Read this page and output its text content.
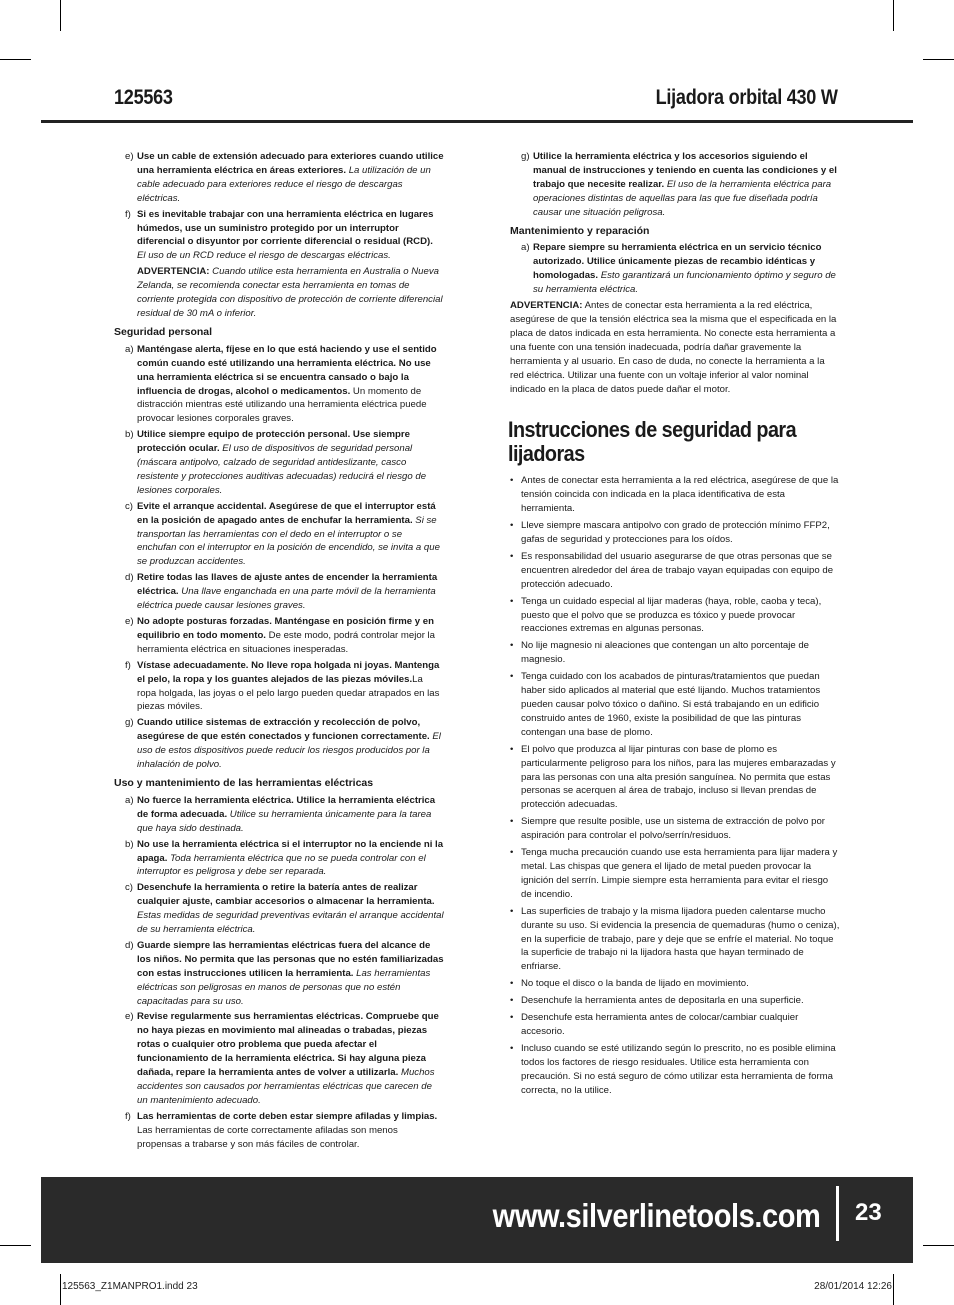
125563	Lijadora orbital 430 W
e) Use un cable de extensión adecuado para exteriores cuando utilice una herramienta eléctrica en áreas exteriores. La utilización de un cable adecuado para exteriores reduce el riesgo de descargas eléctricas.
f) Si es inevitable trabajar con una herramienta eléctrica en lugares húmedos, use un suministro protegido por un interruptor diferencial o disyuntor por corriente diferencial o residual (RCD). El uso de un RCD reduce el riesgo de descargas eléctricas.
ADVERTENCIA: Cuando utilice esta herramienta en Australia o Nueva Zelanda, se recomienda conectar esta herramienta en tomas de corriente protegida con dispositivo de protección de corriente diferencial residual de 30 mA o inferior.
Seguridad personal
a) Manténgase alerta, fíjese en lo que está haciendo y use el sentido común cuando esté utilizando una herramienta eléctrica. No use una herramienta eléctrica si se encuentra cansado o bajo la influencia de drogas, alcohol o medicamentos. Un momento de distracción mientras esté utilizando una herramienta eléctrica puede provocar lesiones corporales graves.
b) Utilice siempre equipo de protección personal. Use siempre protección ocular. El uso de dispositivos de seguridad personal (máscara antipolvo, calzado de seguridad antideslizante, casco resistente y protecciones auditivas adecuadas) reducirá el riesgo de lesiones corporales.
c) Evite el arranque accidental. Asegúrese de que el interruptor está en la posición de apagado antes de enchufar la herramienta. Si se transportan las herramientas con el dedo en el interruptor o se enchufan con el interruptor en la posición de encendido, se invita a que se produzcan accidentes.
d) Retire todas las llaves de ajuste antes de encender la herramienta eléctrica. Una llave enganchada en una parte móvil de la herramienta eléctrica puede causar lesiones graves.
e) No adopte posturas forzadas. Manténgase en posición firme y en equilibrio en todo momento. De este modo, podrá controlar mejor la herramienta eléctrica en situaciones inesperadas.
f) Vístase adecuadamente. No lleve ropa holgada ni joyas. Mantenga el pelo, la ropa y los guantes alejados de las piezas móviles.La ropa holgada, las joyas o el pelo largo pueden quedar atrapados en las piezas móviles.
g) Cuando utilice sistemas de extracción y recolección de polvo, asegúrese de que estén conectados y funcionen correctamente. El uso de estos dispositivos puede reducir los riesgos producidos por la inhalación de polvo.
Uso y mantenimiento de las herramientas eléctricas
a) No fuerce la herramienta eléctrica. Utilice la herramienta eléctrica de forma adecuada. Utilice su herramienta únicamente para la tarea que haya sido destinada.
b) No use la herramienta eléctrica si el interruptor no la enciende ni la apaga. Toda herramienta eléctrica que no se pueda controlar con el interruptor es peligrosa y debe ser reparada.
c) Desenchufe la herramienta o retire la batería antes de realizar cualquier ajuste, cambiar accesorios o almacenar la herramienta. Estas medidas de seguridad preventivas evitarán el arranque accidental de su herramienta eléctrica.
d) Guarde siempre las herramientas eléctricas fuera del alcance de los niños. No permita que las personas que no estén familiarizadas con estas instrucciones utilicen la herramienta. Las herramientas eléctricas son peligrosas en manos de personas que no estén capacitadas para su uso.
e) Revise regularmente sus herramientas eléctricas. Compruebe que no haya piezas en movimiento mal alineadas o trabadas, piezas rotas o cualquier otro problema que pueda afectar el funcionamiento de la herramienta eléctrica. Si hay alguna pieza dañada, repare la herramienta antes de volver a utilizarla. Muchos accidentes son causados por herramientas eléctricas que carecen de un mantenimiento adecuado.
f) Las herramientas de corte deben estar siempre afiladas y limpias. Las herramientas de corte correctamente afiladas son menos propensas a trabarse y son más fáciles de controlar.
g) Utilice la herramienta eléctrica y los accesorios siguiendo el manual de instrucciones y teniendo en cuenta las condiciones y el trabajo que necesite realizar. El uso de la herramienta eléctrica para operaciones distintas de aquellas para las que fue diseñada podría causar une situación peligrosa.
Mantenimiento y reparación
a) Repare siempre su herramienta eléctrica en un servicio técnico autorizado. Utilice únicamente piezas de recambio idénticas y homologadas. Esto garantizará un funcionamiento óptimo y seguro de su herramienta eléctrica.
ADVERTENCIA: Antes de conectar esta herramienta a la red eléctrica, asegúrese de que la tensión eléctrica sea la misma que el especificada en la placa de datos indicada en esta herramienta. No conecte esta herramienta a una fuente con una tensión inadecuada, podría dañar gravemente la herramienta y al usuario. En caso de duda, no conecte la herramienta a la red eléctrica. Utilizar una fuente con un voltaje inferior al valor nominal indicado en la placa de datos puede dañar el motor.
Instrucciones de seguridad para lijadoras
• Antes de conectar esta herramienta a la red eléctrica, asegúrese de que la tensión coincida con indicada en la placa identificativa de esta herramienta.
• Lleve siempre mascara antipolvo con grado de protección mínimo FFP2, gafas de seguridad y protecciones para los oídos.
• Es responsabilidad del usuario asegurarse de que otras personas que se encuentren alrededor del área de trabajo vayan equipadas con equipo de protección adecuado.
• Tenga un cuidado especial al lijar maderas (haya, roble, caoba y teca), puesto que el polvo que se produzca es tóxico y puede provocar reacciones extremas en algunas personas.
• No lije magnesio ni aleaciones que contengan un alto porcentaje de magnesio.
• Tenga cuidado con los acabados de pinturas/tratamientos que puedan haber sido aplicados al material que esté lijando. Muchos tratamientos pueden causar polvo tóxico o dañino. Si está trabajando en un edificio construido antes de 1960, existe la posibilidad de que las pinturas contengan una base de plomo.
• El polvo que produzca al lijar pinturas con base de plomo es particularmente peligroso para los niños, para las mujeres embarazadas y para las personas con una alta presión sanguínea. No permita que estas personas se acerquen al área de trabajo, incluso si llevan prendas de protección adecuadas.
• Siempre que resulte posible, use un sistema de extracción de polvo por aspiración para controlar el polvo/serrín/residuos.
• Tenga mucha precaución cuando use esta herramienta para lijar madera y metal. Las chispas que genera el lijado de metal pueden provocar la ignición del serrín. Limpie siempre esta herramienta para evitar el riesgo de incendio.
• Las superficies de trabajo y la misma lijadora pueden calentarse mucho durante su uso. Si evidencia la presencia de quemaduras (humo o ceniza), en la superficie de trabajo, pare y deje que se enfríe el material. No toque la superficie de trabajo ni la lijadora hasta que hayan terminado de enfriarse.
• No toque el disco o la banda de lijado en movimiento.
• Desenchufe la herramienta antes de depositarla en una superficie.
• Desenchufe esta herramienta antes de colocar/cambiar cualquier accesorio.
• Incluso cuando se esté utilizando según lo prescrito, no es posible elimina todos los factores de riesgo residuales. Utilice esta herramienta con precaución. Si no está seguro de cómo utilizar esta herramienta de forma correcta, no la utilice.
www.silverlinetools.com 23
125563_Z1MANPRO1.indd 23	28/01/2014 12:26
